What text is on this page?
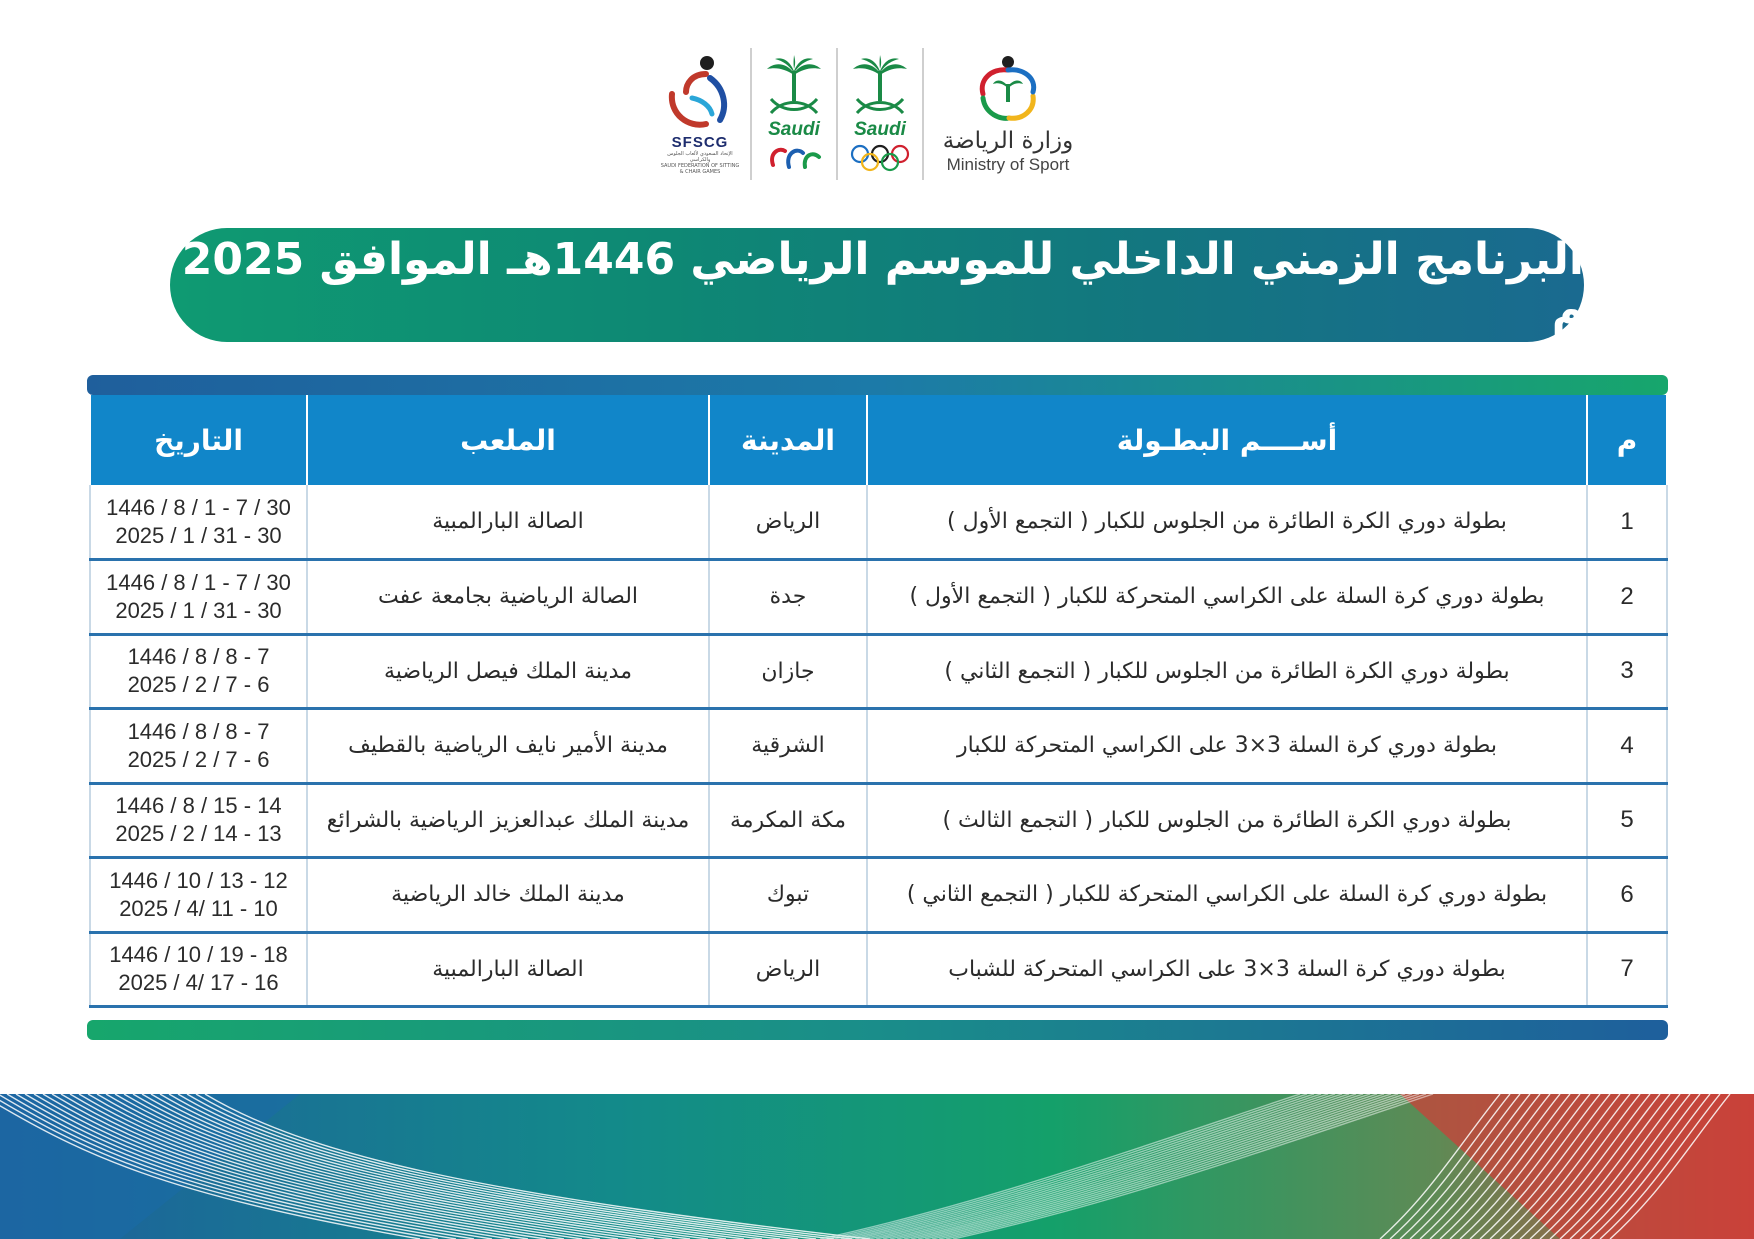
SFSCG
الإتحاد السعودي لألعاب الجلوس والكراسي
SAUDI FEDERATION OF SITTING & CHAIR GAMES
Saudi Saudi وزارة الرياضة
Ministry of Sport
البرنامج الزمني الداخلي للموسم الرياضي 1446هـ الموافق 2025 م
م	أســــم البطـولة	المدينة	الملعب	التاريخ
1	بطولة دوري الكرة الطائرة من الجلوس للكبار ( التجمع الأول )	الرياض	الصالة البارالمبية	1446 / 8 / 1 - 7 / 30
2025 / 1 / 31 - 30

2	بطولة دوري كرة السلة على الكراسي المتحركة للكبار ( التجمع الأول )	جدة	الصالة الرياضية بجامعة عفت	1446 / 8 / 1 - 7 / 30
2025 / 1 / 31 - 30

3	بطولة دوري الكرة الطائرة من الجلوس للكبار ( التجمع الثاني )	جازان	مدينة الملك فيصل الرياضية	1446 / 8 / 8 - 7
2025 / 2 / 7 - 6

4	بطولة دوري كرة السلة 3×3 على الكراسي المتحركة للكبار	الشرقية	مدينة الأمير نايف الرياضية بالقطيف	1446 / 8 / 8 - 7
2025 / 2 / 7 - 6

5	بطولة دوري الكرة الطائرة من الجلوس للكبار ( التجمع الثالث )	مكة المكرمة	مدينة الملك عبدالعزيز الرياضية بالشرائع	1446 / 8 / 15 - 14
2025 / 2 / 14 - 13

6	بطولة دوري كرة السلة على الكراسي المتحركة للكبار ( التجمع الثاني )	تبوك	مدينة الملك خالد الرياضية	1446 / 10 / 13 - 12
2025 / 4/ 11 - 10

7	بطولة دوري كرة السلة 3×3 على الكراسي المتحركة للشباب	الرياض	الصالة البارالمبية	1446 / 10 / 19 - 18
2025 / 4/ 17 - 16
